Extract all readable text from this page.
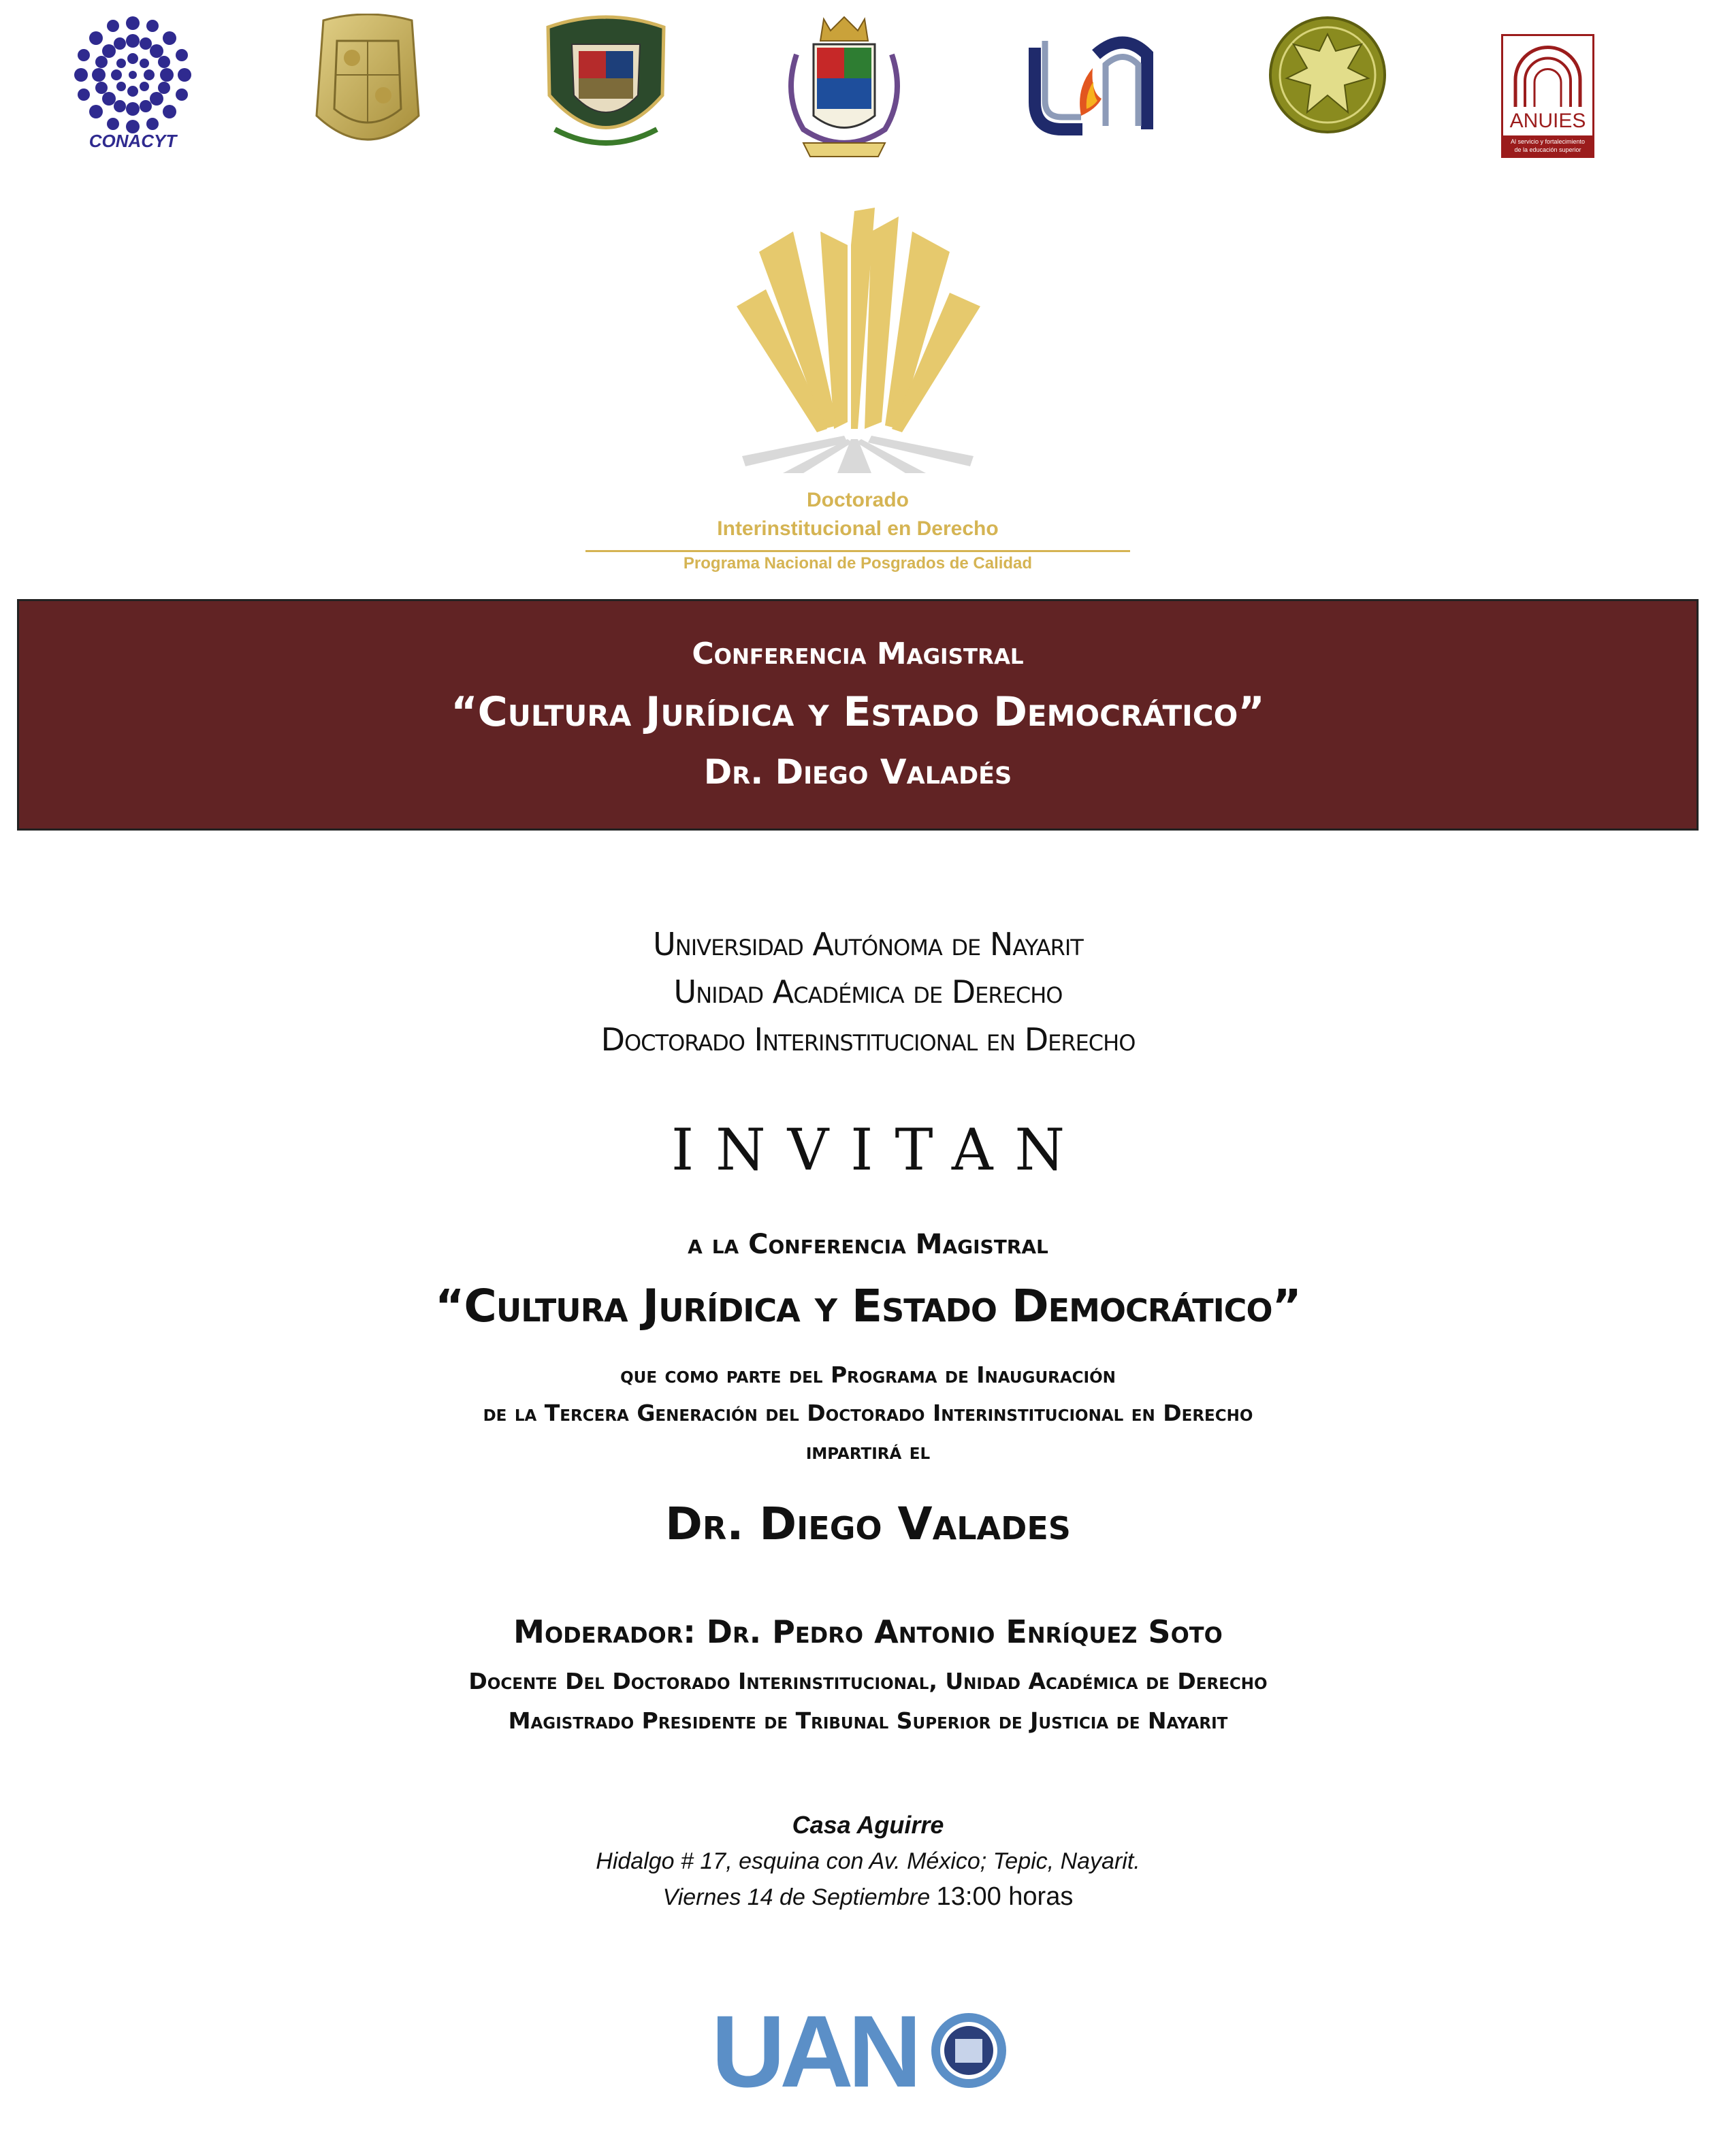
CONACYT
ANUIES
Al servicio y fortalecimiento
de la educación superior
Doctorado
Interinstitucional en Derecho
Programa Nacional de Posgrados de Calidad
Conferencia Magistral
“Cultura Jurídica y Estado Democrático”
Dr. Diego Valadés
Universidad Autónoma de Nayarit
Unidad Académica de Derecho
Doctorado Interinstitucional en Derecho
INVITAN
a la Conferencia Magistral
“Cultura Jurídica y Estado Democrático”
que como parte del Programa de Inauguración
de la Tercera Generación del Doctorado Interinstitucional en Derecho
impartirá el
Dr. Diego Valades
Moderador: Dr. Pedro Antonio Enríquez Soto
Docente Del Doctorado Interinstitucional, Unidad Académica de Derecho
Magistrado Presidente de Tribunal Superior de Justicia de Nayarit
Casa Aguirre
Hidalgo # 17, esquina con Av. México; Tepic, Nayarit.
Viernes 14 de Septiembre 13:00 horas
UAN
